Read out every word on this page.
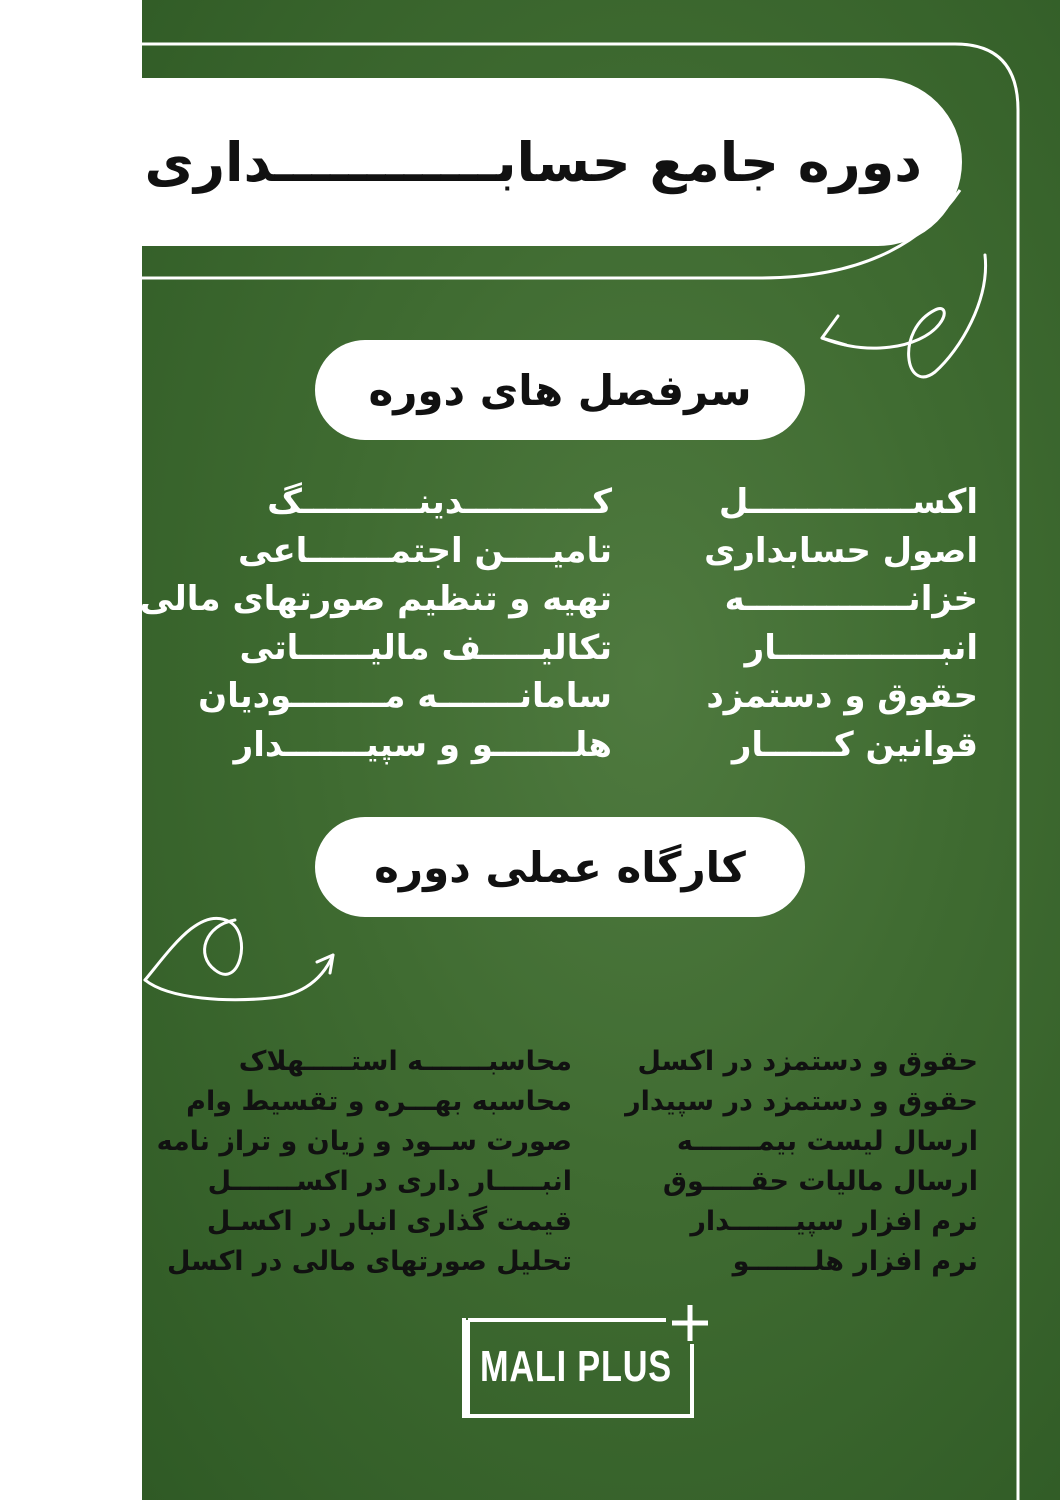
دوره جامع حسابــــــــــــداری
سرفصل های دوره
اکســــــــــــــل
اصول حسابداری
خزانــــــــــــــه
انبــــــــــــــار
حقوق و دستمزد
قوانین کــــــار
کـــــــــــدینــــــــــگ
تامیــــن اجتمـــــــاعی
تهیه و تنظیم صورتهای مالی
تکالیـــــف مالیــــــاتی
سامانـــــــه مــــــــودیان
هلـــــــو و سپیـــــــدار
کارگاه عملی دوره
حقوق و دستمزد در اکسل
حقوق و دستمزد در سپیدار
ارسال لیست بیمـــــــه
ارسال مالیات حقـــــوق
نرم افزار سپیـــــــدار
نرم افزار هلـــــــو
محاسبـــــــه استـــــهلاک
محاسبه بهـــره و تقسیط وام
صورت ســود و زیان و تراز نامه
انبـــــار داری در اکســـــــل
قیمت گذاری انبار در اکسـل
تحلیل صورتهای مالی در اکسل
MALI PLUS
